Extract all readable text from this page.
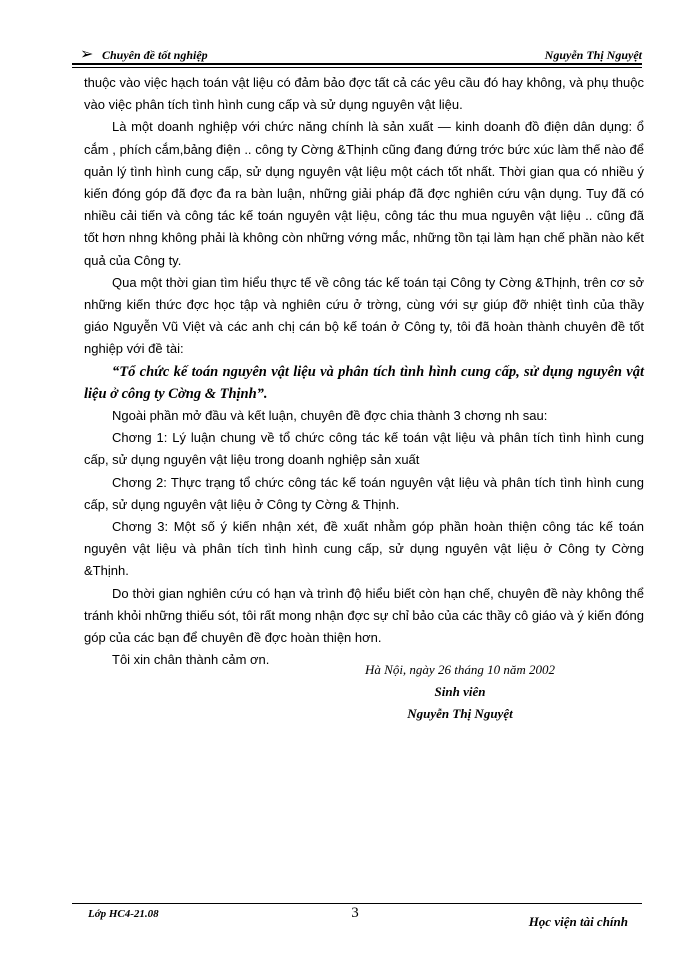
➢ Chuyên đề tốt nghiệp	Nguyễn Thị Nguyệt

thuộc vào việc hạch toán vật liệu có đảm bảo đợc tất cả các yêu cầu đó hay không, và phụ thuộc vào việc phân tích tình hình cung cấp và sử dụng nguyên vật liệu.

Là một doanh nghiệp với chức năng chính là sản xuất — kinh doanh đồ điện dân dụng: ổ cắm , phích cắm,bảng điện .. công ty Cờng &Thịnh cũng đang đứng trớc bức xúc làm thế nào để quản lý tình hình cung cấp, sử dụng nguyên vật liệu một cách tốt nhất. Thời gian qua có nhiều ý kiến đóng góp đã đợc đa ra bàn luận, những giải pháp đã đợc nghiên cứu vận dụng. Tuy đã có nhiều cải tiến và công tác kế toán nguyên vật liệu, công tác thu mua nguyên vật liệu .. cũng đã tốt hơn nhng không phải là không còn những vớng mắc, những tồn tại làm hạn chế phần nào kết quả của Công ty.

Qua một thời gian tìm hiểu thực tế về công tác kế toán tại Công ty Cờng &Thịnh, trên cơ sở những kiến thức đợc học tập và nghiên cứu ở trờng, cùng với sự giúp đỡ nhiệt tình của thầy giáo Nguyễn Vũ Việt và các anh chị cán bộ kế toán ở Công ty, tôi đã hoàn thành chuyên đề tốt nghiệp với đề tài:

“Tổ chức kế toán nguyên vật liệu và phân tích tình hình cung cấp, sử dụng nguyên vật liệu ở công ty Cờng & Thịnh”.

Ngoài phần mở đầu và kết luận, chuyên đề đợc chia thành 3 chơng nh sau:

Chơng 1: Lý luận chung về tổ chức công tác kế toán vật liệu và phân tích tình hình cung cấp, sử dụng nguyên vật liệu trong doanh nghiệp sản xuất

Chơng 2: Thực trạng tổ chức công tác kế toán nguyên vật liệu và phân tích tình hình cung cấp, sử dụng nguyên vật liệu ở Công ty Cờng & Thịnh.

Chơng 3: Một số ý kiến nhận xét, đề xuất nhằm góp phần hoàn thiện công tác kế toán nguyên vật liệu và phân tích tình hình cung cấp, sử dụng nguyên vật liệu ở Công ty Cờng &Thịnh.

Do thời gian nghiên cứu có hạn và trình độ hiểu biết còn hạn chế, chuyên đề này không thể tránh khỏi những thiếu sót, tôi rất mong nhận đợc sự chỉ bảo của các thầy cô giáo và ý kiến đóng góp của các bạn để chuyên đề đợc hoàn thiện hơn.

Tôi xin chân thành cảm ơn.

Hà Nội, ngày 26 tháng 10 năm 2002
Sinh viên
Nguyễn Thị Nguyệt
Lớp HC4-21.08	3
Học viện tài chính
